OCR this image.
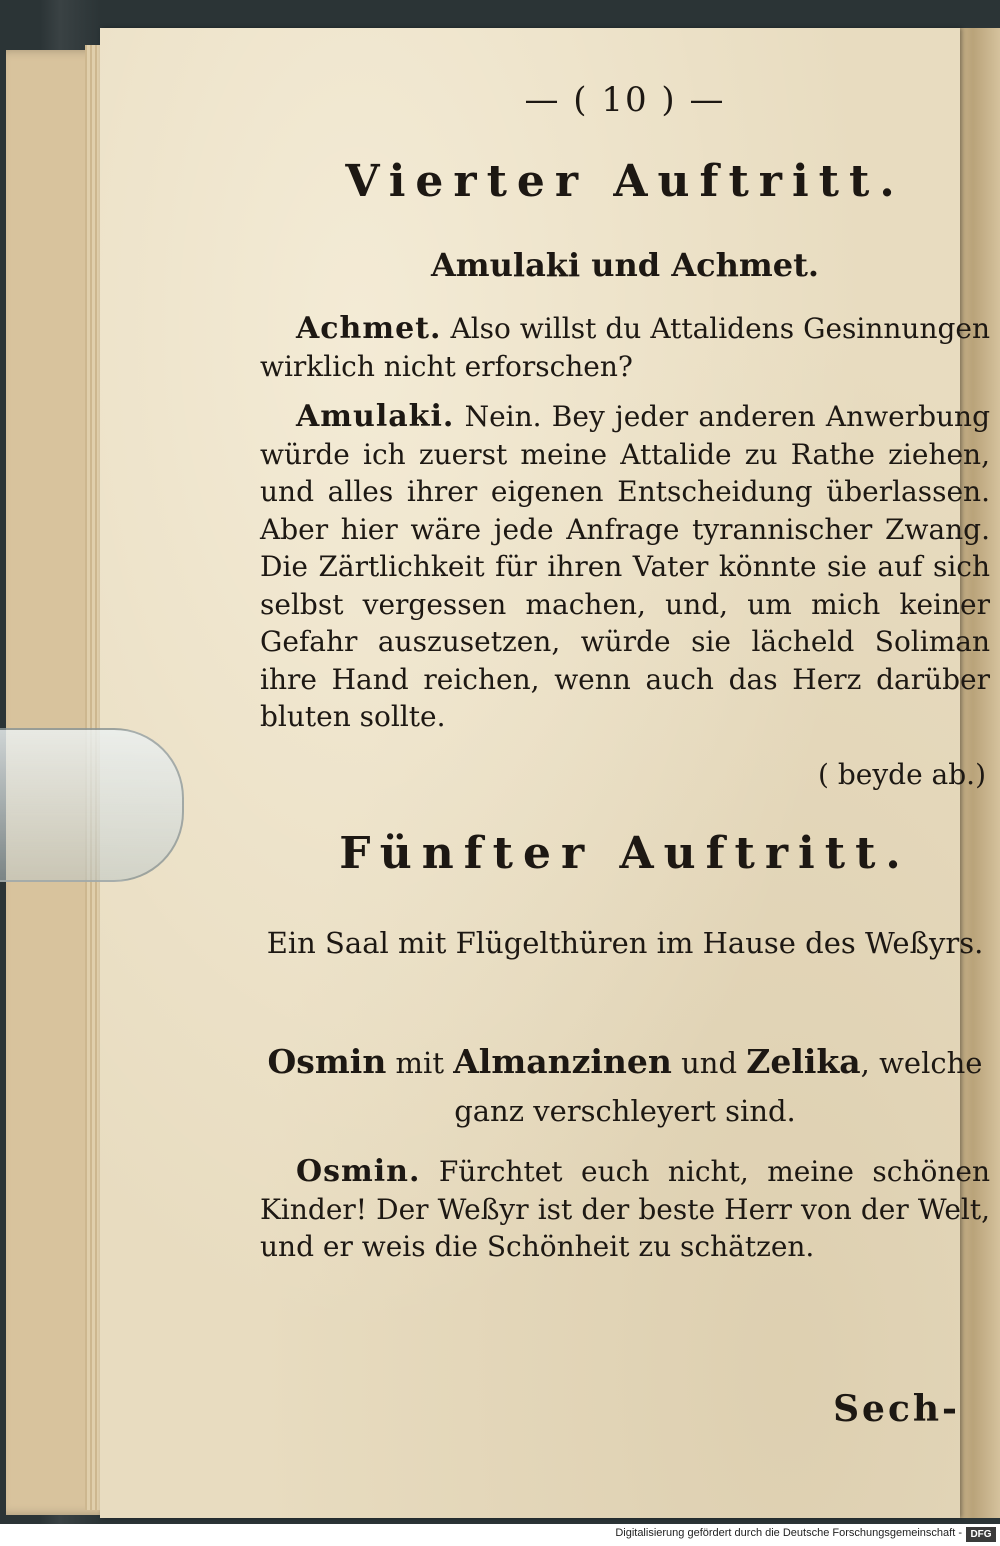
— ( 10 ) —
Vierter Auftritt.
Amulaki und Achmet.
Achmet. Also willst du Attalidens Gesinnungen wirklich nicht erforschen?
Amulaki. Nein. Bey jeder anderen Anwerbung würde ich zuerst meine Attalide zu Rathe ziehen, und alles ihrer eigenen Entscheidung überlassen. Aber hier wäre jede Anfrage tyrannischer Zwang. Die Zärtlichkeit für ihren Vater könnte sie auf sich selbst vergessen machen, und, um mich keiner Gefahr auszusetzen, würde sie lächeld Soliman ihre Hand reichen, wenn auch das Herz darüber bluten sollte.
( beyde ab.)
Fünfter Auftritt.
Ein Saal mit Flügelthüren im Hause des Weßyrs.
Osmin mit Almanzinen und Zelika, welche ganz verschleyert sind.
Osmin. Fürchtet euch nicht, meine schönen Kinder! Der Weßyr ist der beste Herr von der Welt, und er weis die Schönheit zu schätzen.
Sech-
Digitalisierung gefördert durch die Deutsche Forschungsgemeinschaft - DFG
